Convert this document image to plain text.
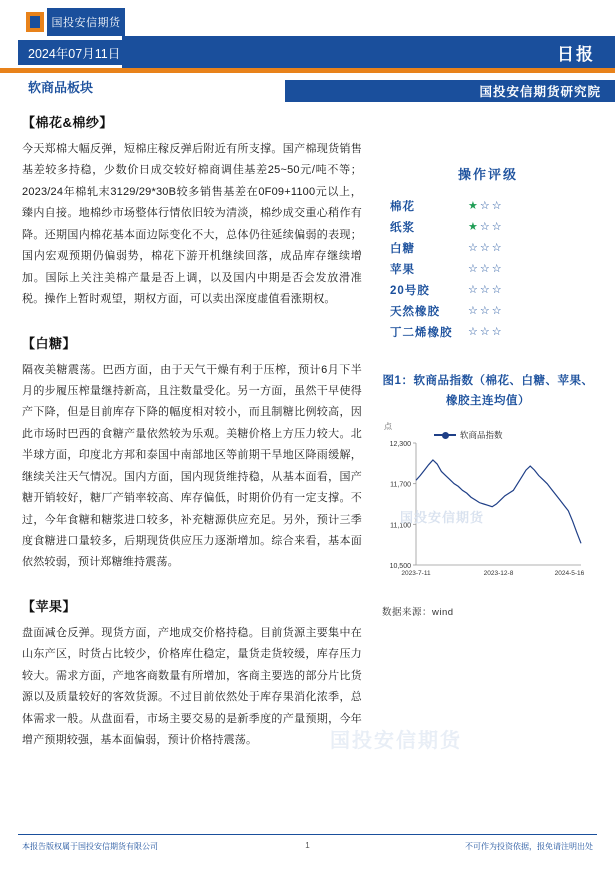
国投安信期货
2024年07月11日	日报
软商品板块	国投安信期货研究院
国投安信期货
【棉花&棉纱】

今天郑棉大幅反弹，短棉庄稼反弹后附近有所支撑。国产棉现货销售基差较多持稳，少数价日成交较好棉商调佳基差25~50元/吨不等；2023/24年棉轧末3129/29*30B较多销售基差在0F09+1100元以上，臻内自接。地棉纱市场整体行情依旧较为清淡，棉纱成交重心稍作有降。还期国内棉花基本面边际变化不大，总体仍往延续偏弱的表现；国内宏观预期仍偏弱势，棉花下游开机继续回落，成品库存继续增加。国际上关注美棉产量是否上调，以及国内中期是否会发放滑准税。操作上暂时观望，期权方面，可以卖出深度虚值看涨期权。

【白糖】

隔夜美糖震荡。巴西方面，由于天气干燥有利于压榨，预计6月下半月的步履压榨量继持新高，且注数量受化。另一方面，虽然干早使得产下降，但是目前库存下降的幅度相对较小，而且制糖比例较高，因此市场时巴西的食糖产量依然较为乐观。美糖价格上方压力较大。北半球方面，印度北方邦和泰国中南部地区等前期干旱地区降雨缓解，继续关注天气情况。国内方面，国内现货维持稳，从基本面看，国产糖开销较好，糖厂产销率较高、库存偏低，时期价仍有一定支撑。不过，今年食糖和糖浆进口较多，补充糖源供应充足。另外，预计三季度食糖进口量较多，后期现货供应压力逐渐增加。综合来看，基本面依然较弱，预计郑糖维持震荡。

【苹果】

盘面减仓反弹。现货方面，产地成交价格持稳。目前货源主要集中在山东产区，时货占比较少，价格库仕稳定，量货走货较缓，库存压力较大。需求方面，产地客商数量有所增加，客商主要选的部分片比货源以及质量较好的客效货源。不过目前依然处于库存果消化浓季，总体需求一般。从盘面看，市场主要交易的是新季度的产量预期，今年增产预期较强，基本面偏弱，预计价格持震荡。

操作评级
棉花	★☆☆
纸浆	★☆☆
白糖	☆☆☆
苹果	☆☆☆
20号胶	☆☆☆
天然橡胶	☆☆☆
丁二烯橡胶	☆☆☆
图1：软商品指数（棉花、白糖、苹果、橡胶主连均值）
点
软商品指数
10,500
11,100
11,700
12,300
2023-7-11	2023-12-8	2024-5-16
国投安信期货
数据来源：wind
本报告版权属于国投安信期货有限公司	1	不可作为投资依据，报免请注明出处
